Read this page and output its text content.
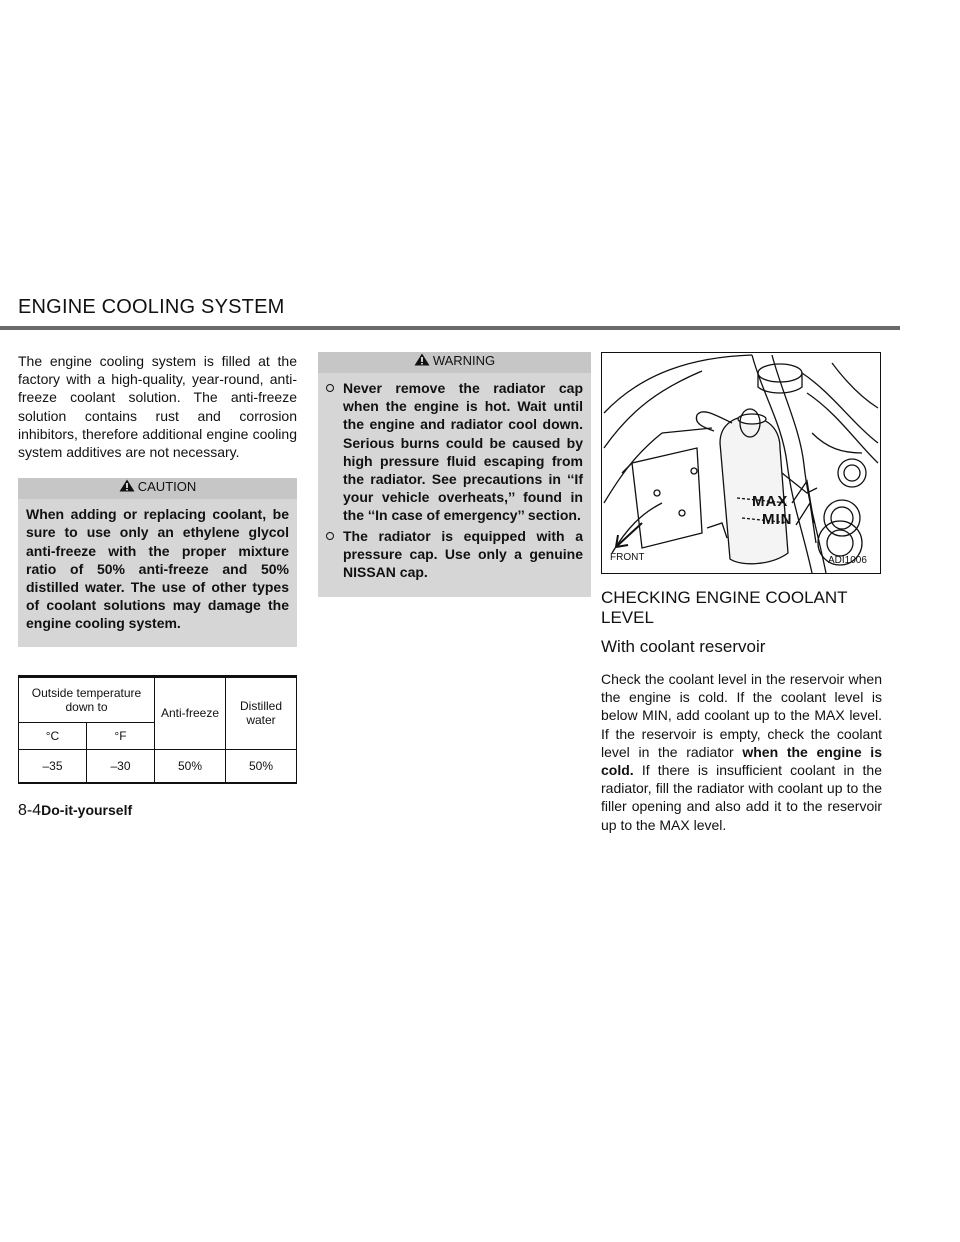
ENGINE COOLING SYSTEM

The engine cooling system is filled at the factory with a high-quality, year-round, anti-freeze coolant solution. The anti-freeze solution contains rust and corrosion inhibitors, therefore additional engine cooling system additives are not necessary.

CAUTION
When adding or replacing coolant, be sure to use only an ethylene glycol anti-freeze with the proper mixture ratio of 50% anti-freeze and 50% distilled water. The use of other types of coolant solutions may damage the engine cooling system.
Outside temperature down to		Anti-freeze	Distilled water
°C	°F		
–35	–30	50%	50%
WARNING
Never remove the radiator cap when the engine is hot. Wait until the engine and radiator cool down. Serious burns could be caused by high pressure fluid escaping from the radiator. See precautions in ‘‘If your vehicle overheats,’’ found in the ‘‘In case of emergency’’ section.
The radiator is equipped with a pressure cap. Use only a genuine NISSAN cap.
MAX
MIN
FRONT	ADI1006
CHECKING ENGINE COOLANT LEVEL
With coolant reservoir

Check the coolant level in the reservoir when the engine is cold. If the coolant level is below MIN, add coolant up to the MAX level. If the reservoir is empty, check the coolant level in the radiator when the engine is cold. If there is insufficient coolant in the radiator, fill the radiator with coolant up to the filler opening and also add it to the reservoir up to the MAX level.

8-4Do-it-yourself
